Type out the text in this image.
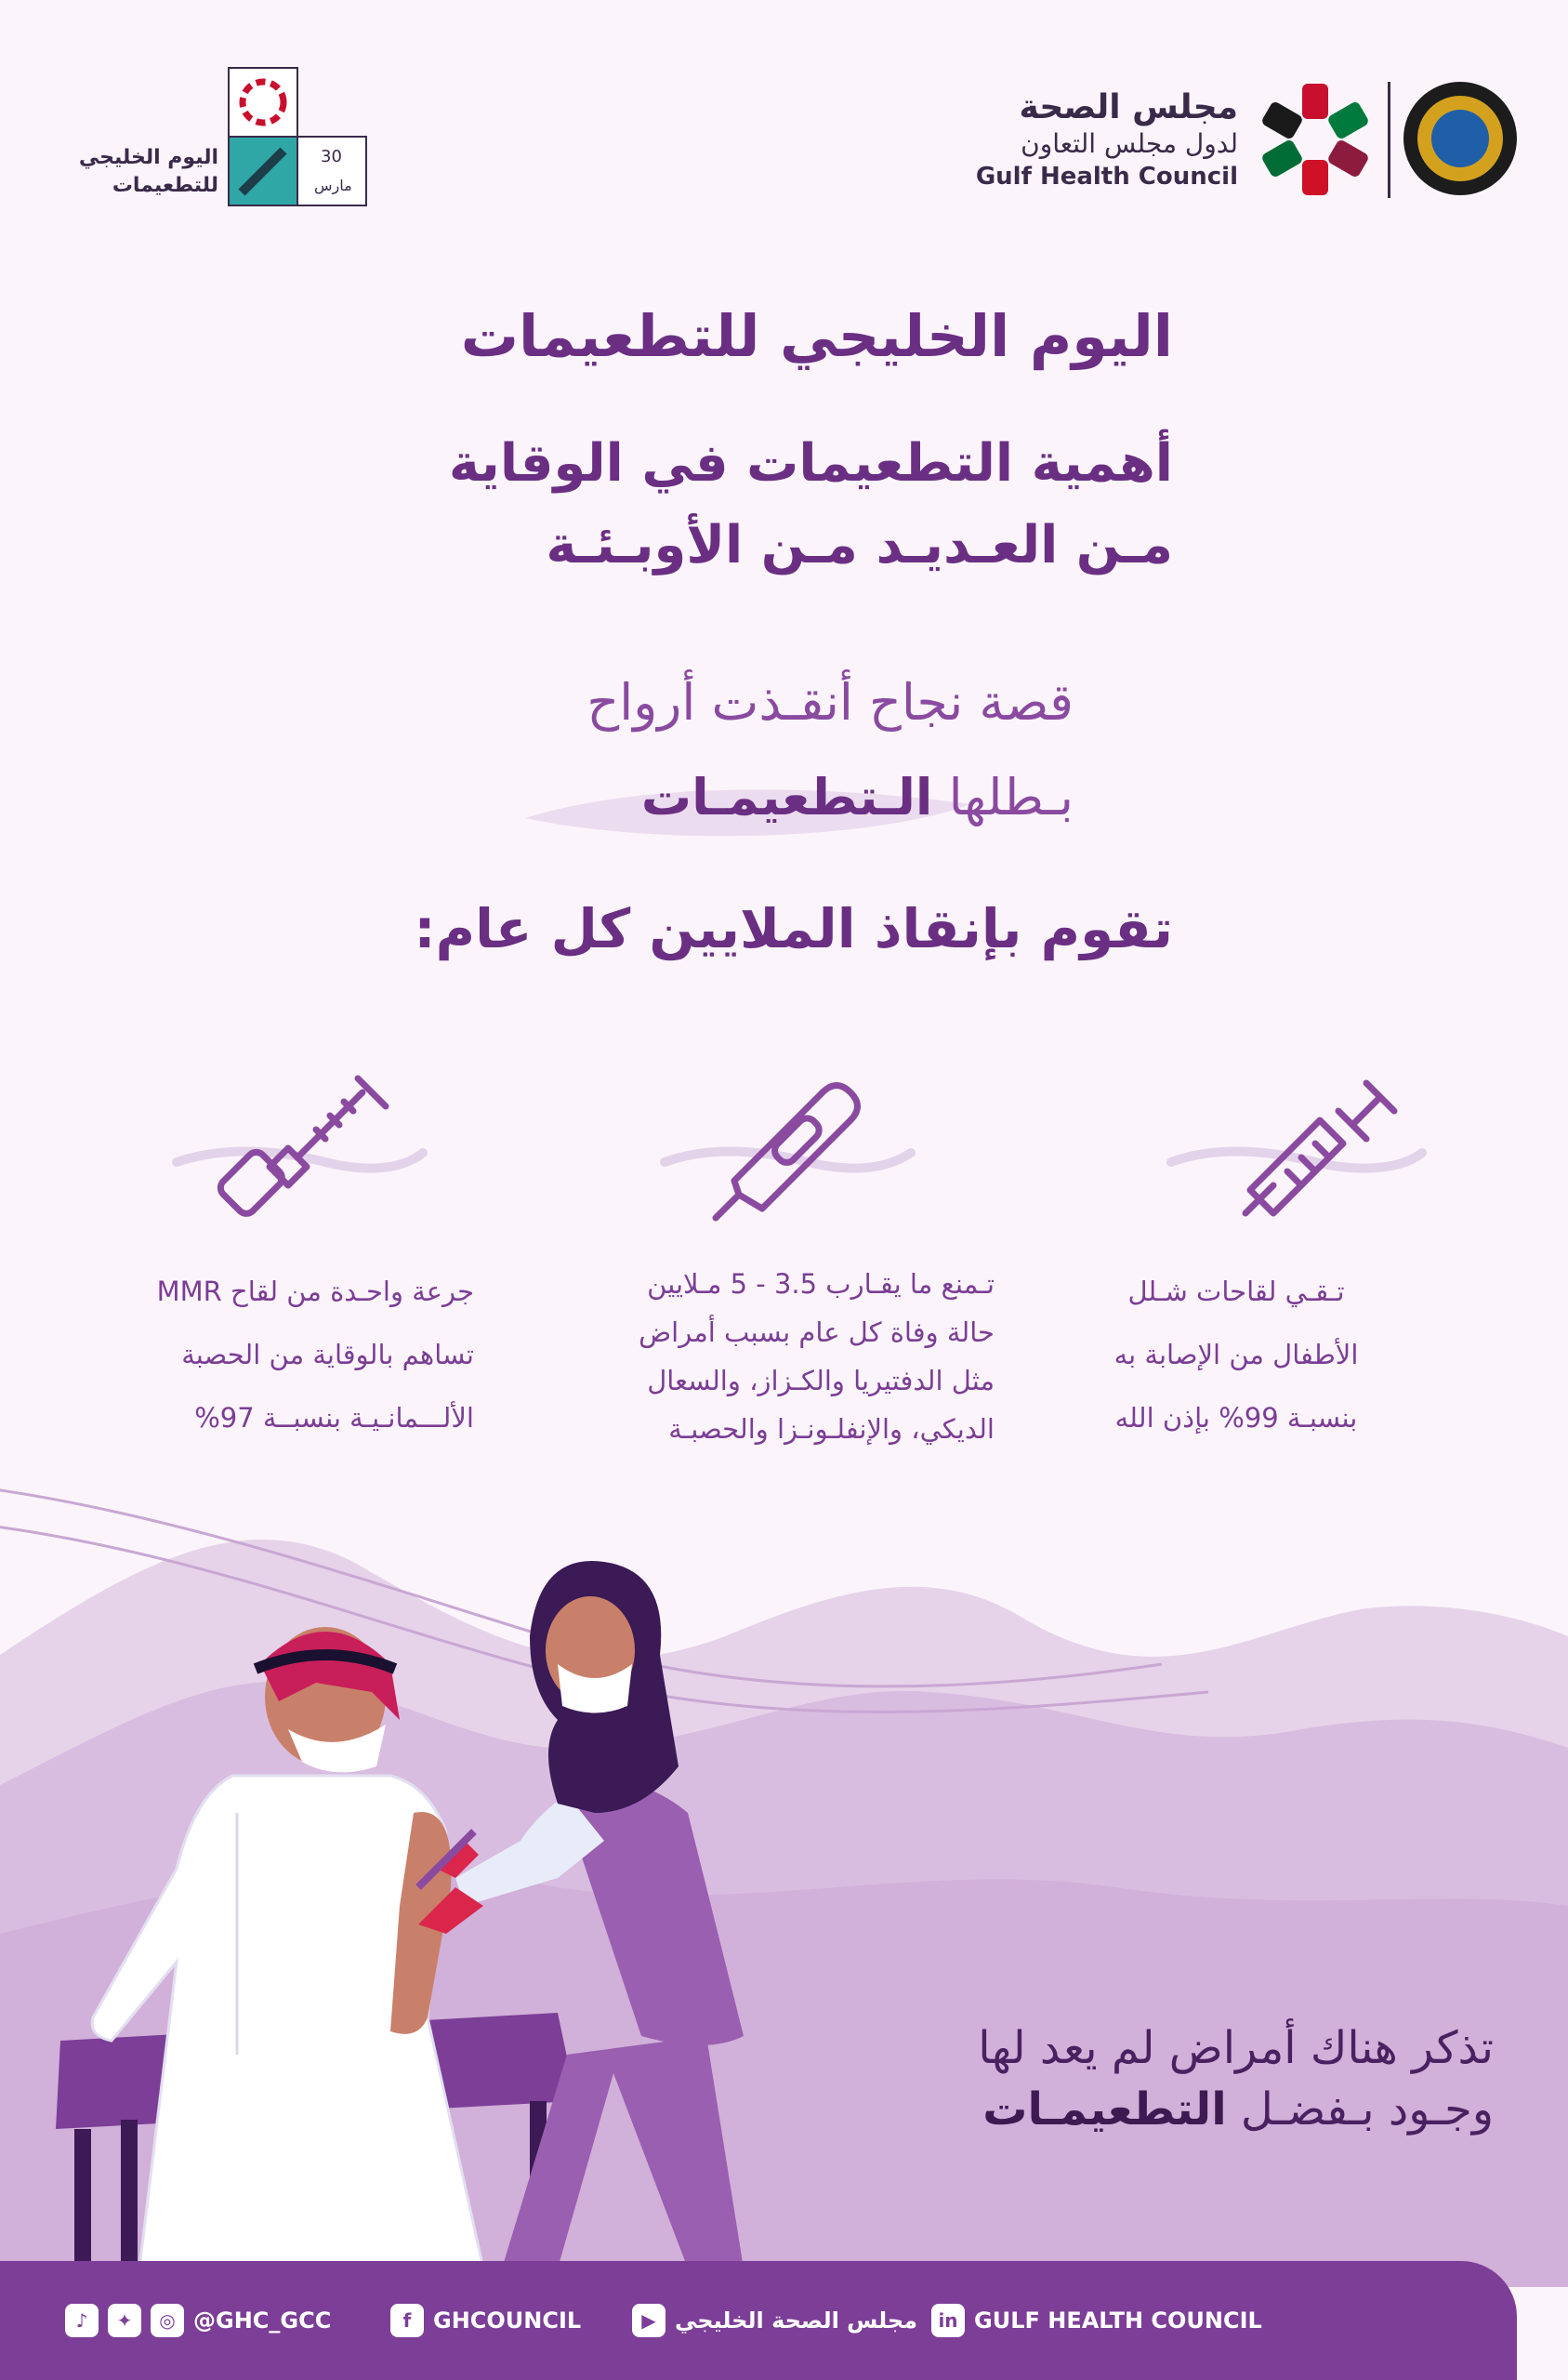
مجلس الصحة
لدول مجلس التعاون
Gulf Health Council
30
مارس
اليوم الخليجي
للتطعيمات
اليوم الخليجي للتطعيمات
أهمية التطعيمات في الوقاية
مـن العـديـد مـن الأوبـئـة
قصة نجاح أنقـذت أرواح
بـطلها الـتطعيمـات
تقوم بإنقاذ الملايين كل عام:
تـقـي لقاحات شـلل
الأطفال من الإصابة به
بنسبـة 99% بإذن الله
تـمنع ما يقـارب 3.5 - 5 مـلايين
حالة وفاة كل عام بسبب أمراض
مثل الدفتيريا والكـزاز، والسعال
الديكي، والإنفلـونـزا والحصبـة
جرعة واحـدة من لقاح MMR
تساهم بالوقاية من الحصبة
الألـــمانـيـة بنسبــة 97%
تذكر هناك أمراض لم يعد لها
وجـود بـفضـل التطعيمـات
♪	✦	◎ @GHC_GCC	f GHCOUNCIL	▶ مجلس الصحة الخليجي	in GULF HEALTH COUNCIL
